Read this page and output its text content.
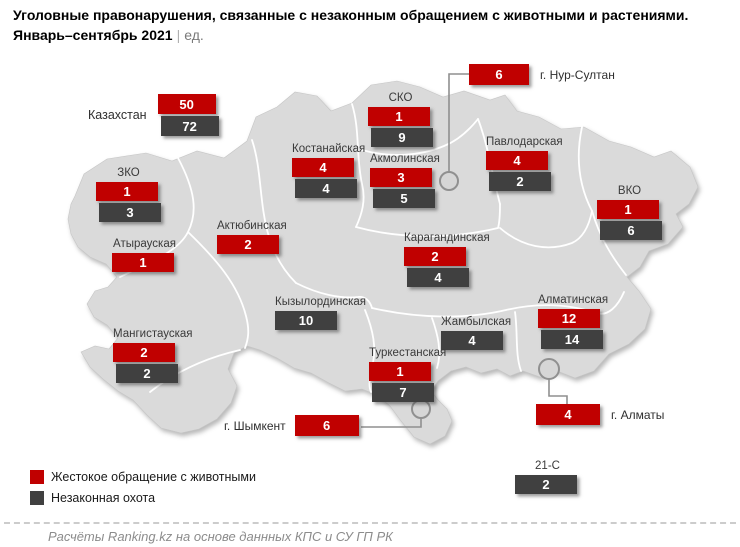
Уголовные правонарушения, связанные с незаконным обращением с животными и растениями.
Январь–сентябрь 2021 | ед.
Казахстан
50
72
6	г. Нур-Султан
СКО
1
9
Костанайская
4
4
Акмолинская
3
5
Павлодарская
4
2
ВКО
1
6
ЗКО
1
3
Актюбинская
2
Атырауская
1
Карагандинская
2
4
Кызылординская
10	Жамбылская
4
Мангистауская
2
2
Туркестанская
1
7
Алматинская
12
14
4	г. Алматы
г. Шымкент	6
21-С
2
Жестокое обращение с животными
Незаконная охота
Расчёты Ranking.kz на основе даннных КПС и СУ ГП РК
